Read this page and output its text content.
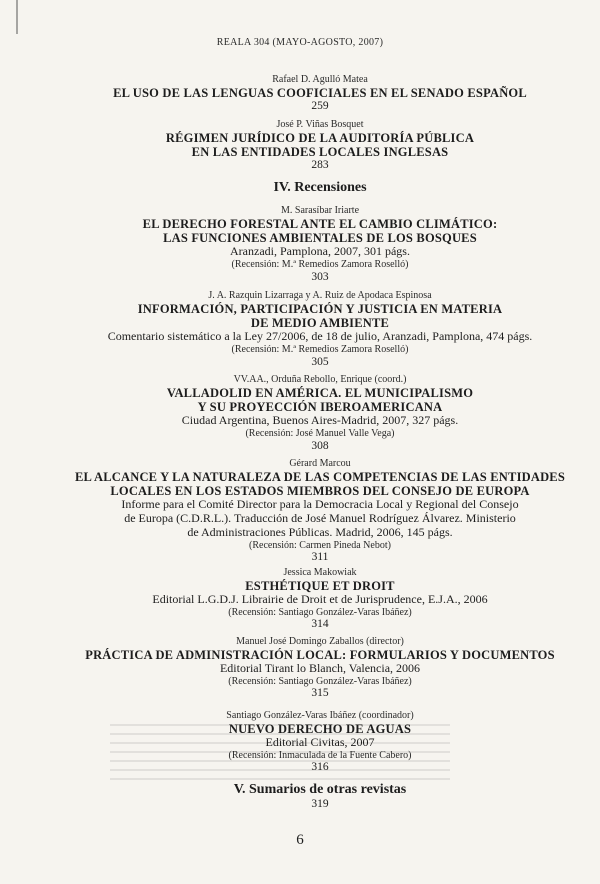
REALA 304 (MAYO-AGOSTO, 2007)
Rafael D. Agulló Matea
EL USO DE LAS LENGUAS COOFICIALES EN EL SENADO ESPAÑOL
259
José P. Viñas Bosquet
RÉGIMEN JURÍDICO DE LA AUDITORÍA PÚBLICA
EN LAS ENTIDADES LOCALES INGLESAS
283
IV. Recensiones
M. Sarasíbar Iriarte
EL DERECHO FORESTAL ANTE EL CAMBIO CLIMÁTICO:
LAS FUNCIONES AMBIENTALES DE LOS BOSQUES
Aranzadi, Pamplona, 2007, 301 págs.
(Recensión: M.ª Remedios Zamora Roselló)
303
J. A. Razquin Lizarraga y A. Ruiz de Apodaca Espinosa
INFORMACIÓN, PARTICIPACIÓN Y JUSTICIA EN MATERIA
DE MEDIO AMBIENTE
Comentario sistemático a la Ley 27/2006, de 18 de julio, Aranzadi, Pamplona, 474 págs.
(Recensión: M.ª Remedios Zamora Roselló)
305
VV.AA., Orduña Rebollo, Enrique (coord.)
VALLADOLID EN AMÉRICA. EL MUNICIPALISMO
Y SU PROYECCIÓN IBEROAMERICANA
Ciudad Argentina, Buenos Aires-Madrid, 2007, 327 págs.
(Recensión: José Manuel Valle Vega)
308
Gérard Marcou
EL ALCANCE Y LA NATURALEZA DE LAS COMPETENCIAS DE LAS ENTIDADES
LOCALES EN LOS ESTADOS MIEMBROS DEL CONSEJO DE EUROPA
Informe para el Comité Director para la Democracia Local y Regional del Consejo
de Europa (C.D.R.L.). Traducción de José Manuel Rodríguez Álvarez. Ministerio
de Administraciones Públicas. Madrid, 2006, 145 págs.
(Recensión: Carmen Pineda Nebot)
311
Jessica Makowiak
ESTHÉTIQUE ET DROIT
Editorial L.G.D.J. Librairie de Droit et de Jurisprudence, E.J.A., 2006
(Recensión: Santiago González-Varas Ibáñez)
314
Manuel José Domingo Zaballos (director)
PRÁCTICA DE ADMINISTRACIÓN LOCAL: FORMULARIOS Y DOCUMENTOS
Editorial Tirant lo Blanch, Valencia, 2006
(Recensión: Santiago González-Varas Ibáñez)
315
Santiago González-Varas Ibáñez (coordinador)
NUEVO DERECHO DE AGUAS
Editorial Civitas, 2007
(Recensión: Inmaculada de la Fuente Cabero)
316
V. Sumarios de otras revistas
319
6
